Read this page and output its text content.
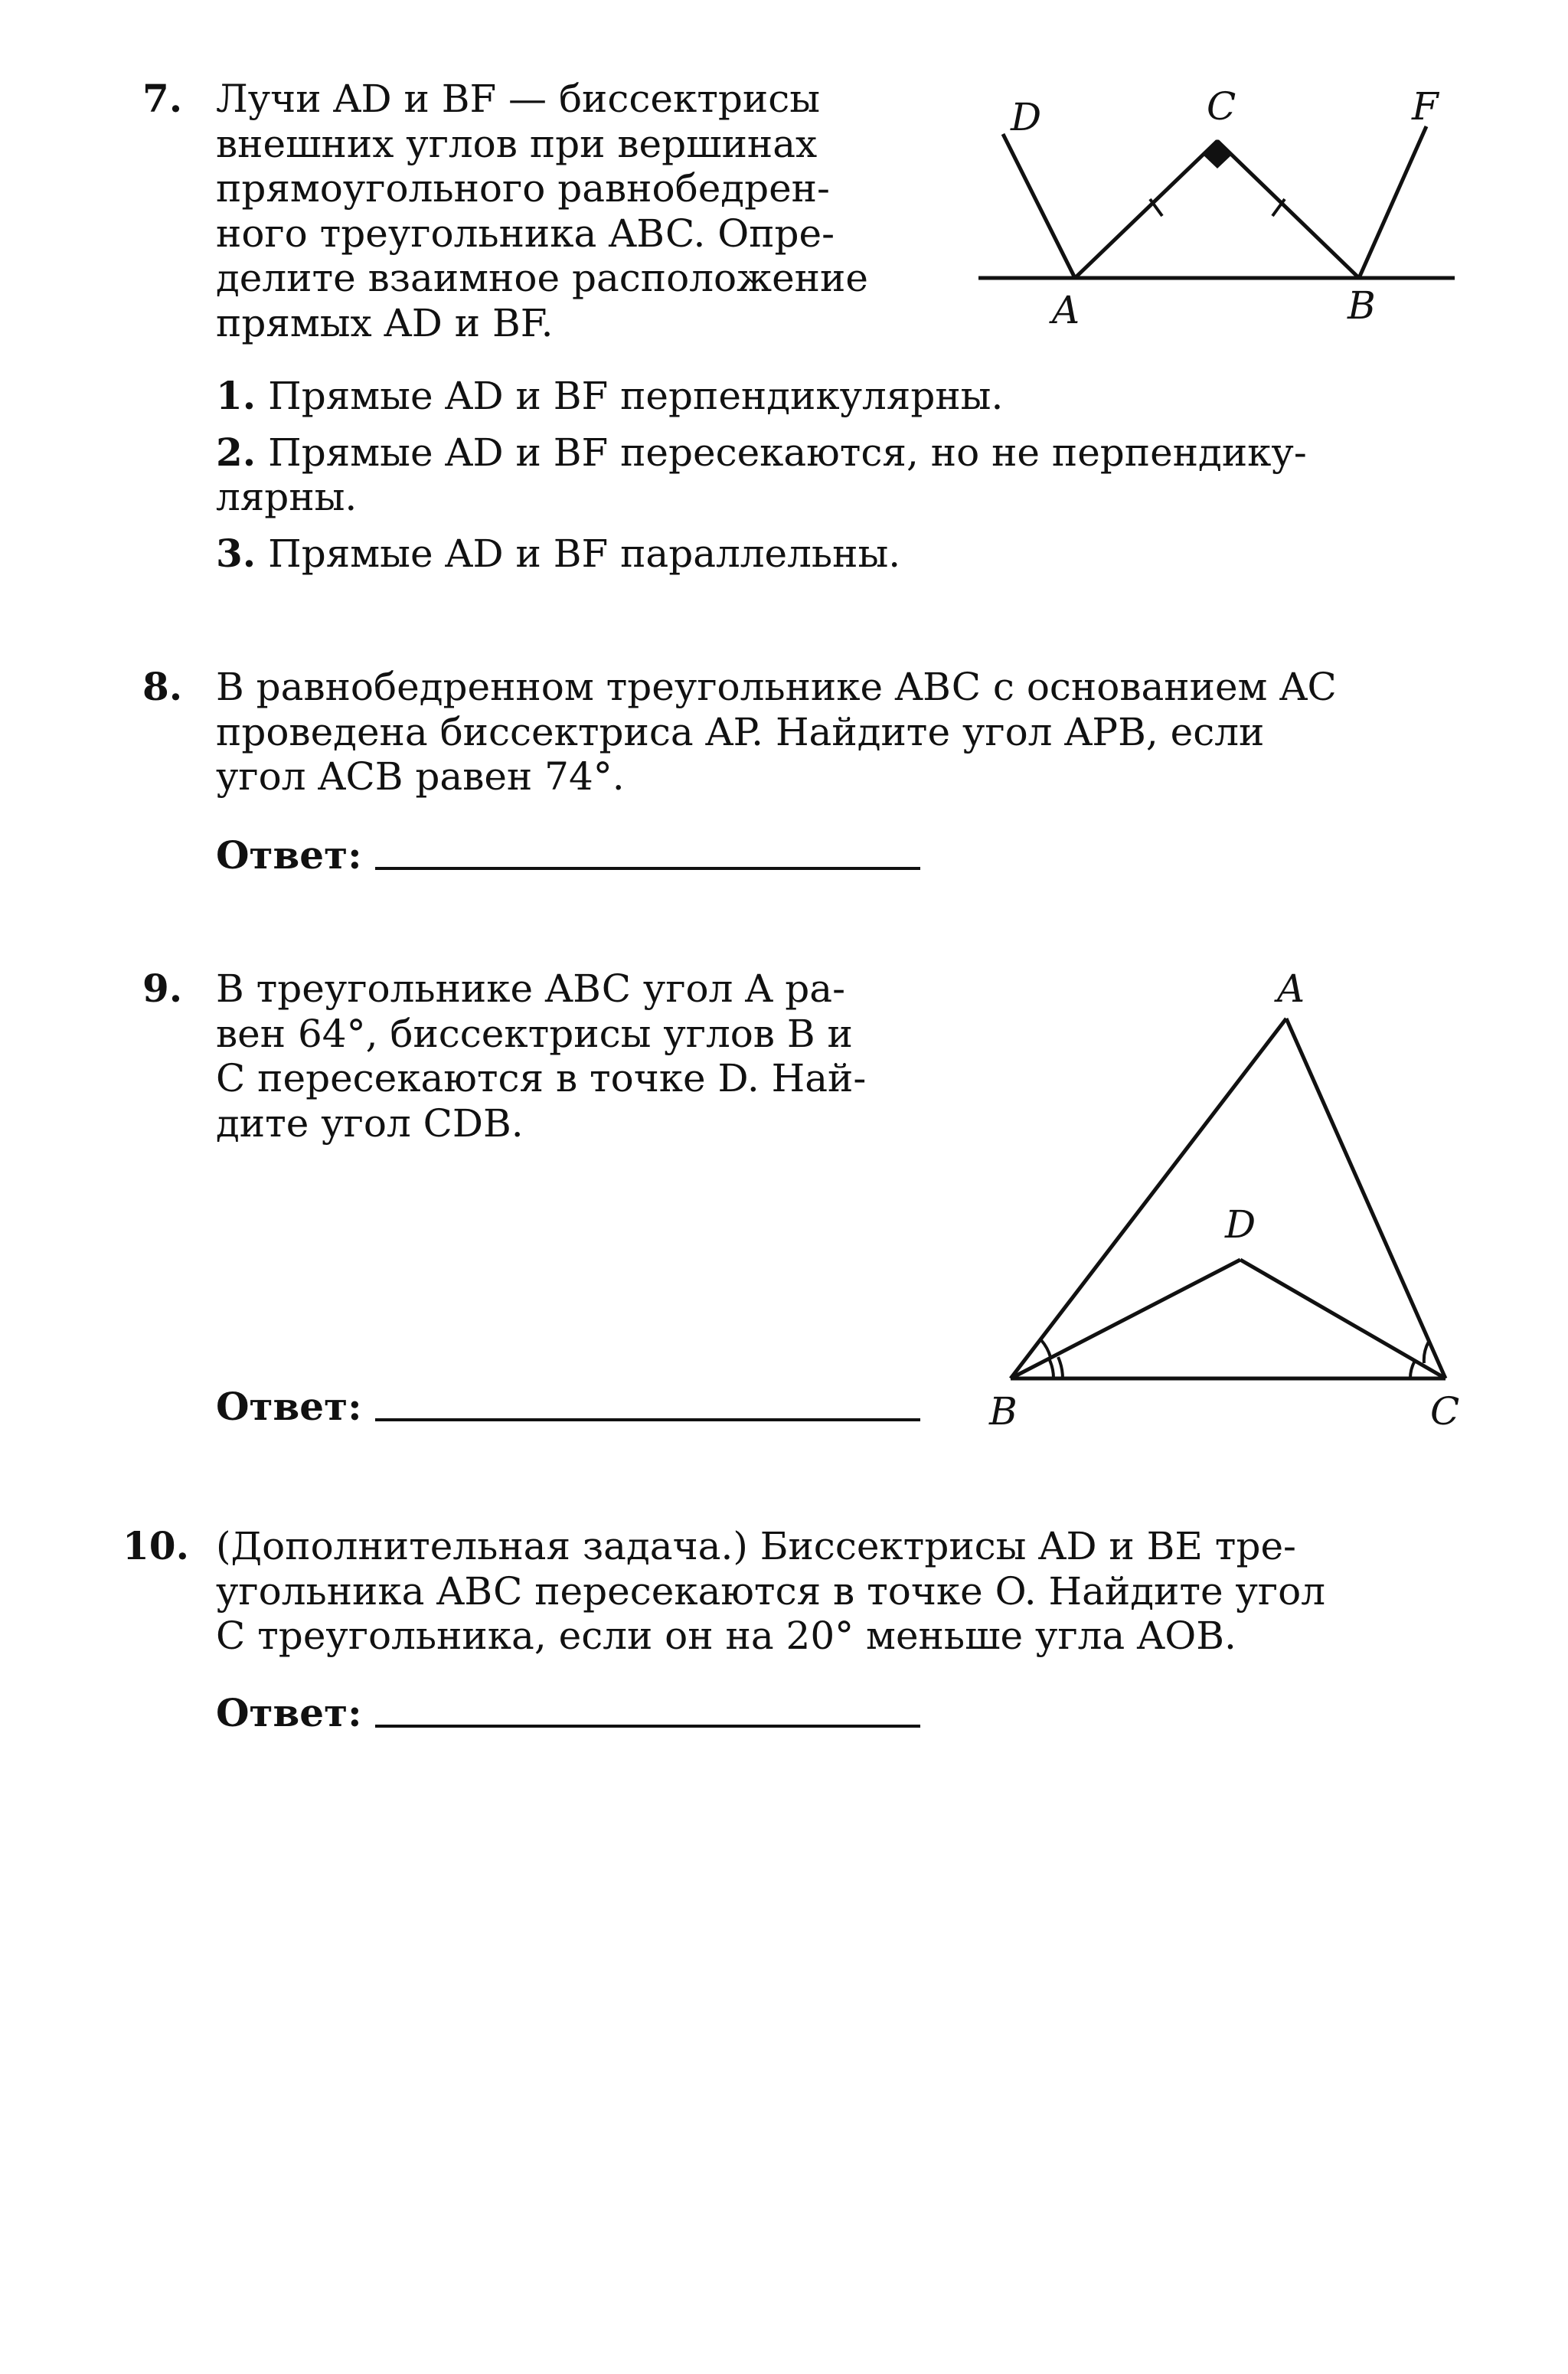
7. Лучи AD и BF — биссектрисы
внешних углов при вершинах
прямоугольного равнобедрен-
ного треугольника ABC. Опре-
делите взаимное расположение
прямых AD и BF.
D	C	F
A	B
1. Прямые AD и BF перпендикулярны.
2. Прямые AD и BF пересекаются, но не перпендику-
лярны.
3. Прямые AD и BF параллельны.
8. В равнобедренном треугольнике ABC с основанием AC
проведена биссектриса AP. Найдите угол APB, если
угол ACB равен 74°.
Ответ:
9. В треугольнике ABC угол A ра-
вен 64°, биссектрисы углов B и
C пересекаются в точке D. Най-
дите угол CDB.
A
D
B	C
Ответ:
10. (Дополнительная задача.) Биссектрисы AD и BE тре-
угольника ABC пересекаются в точке O. Найдите угол
C треугольника, если он на 20° меньше угла AOB.
Ответ:
